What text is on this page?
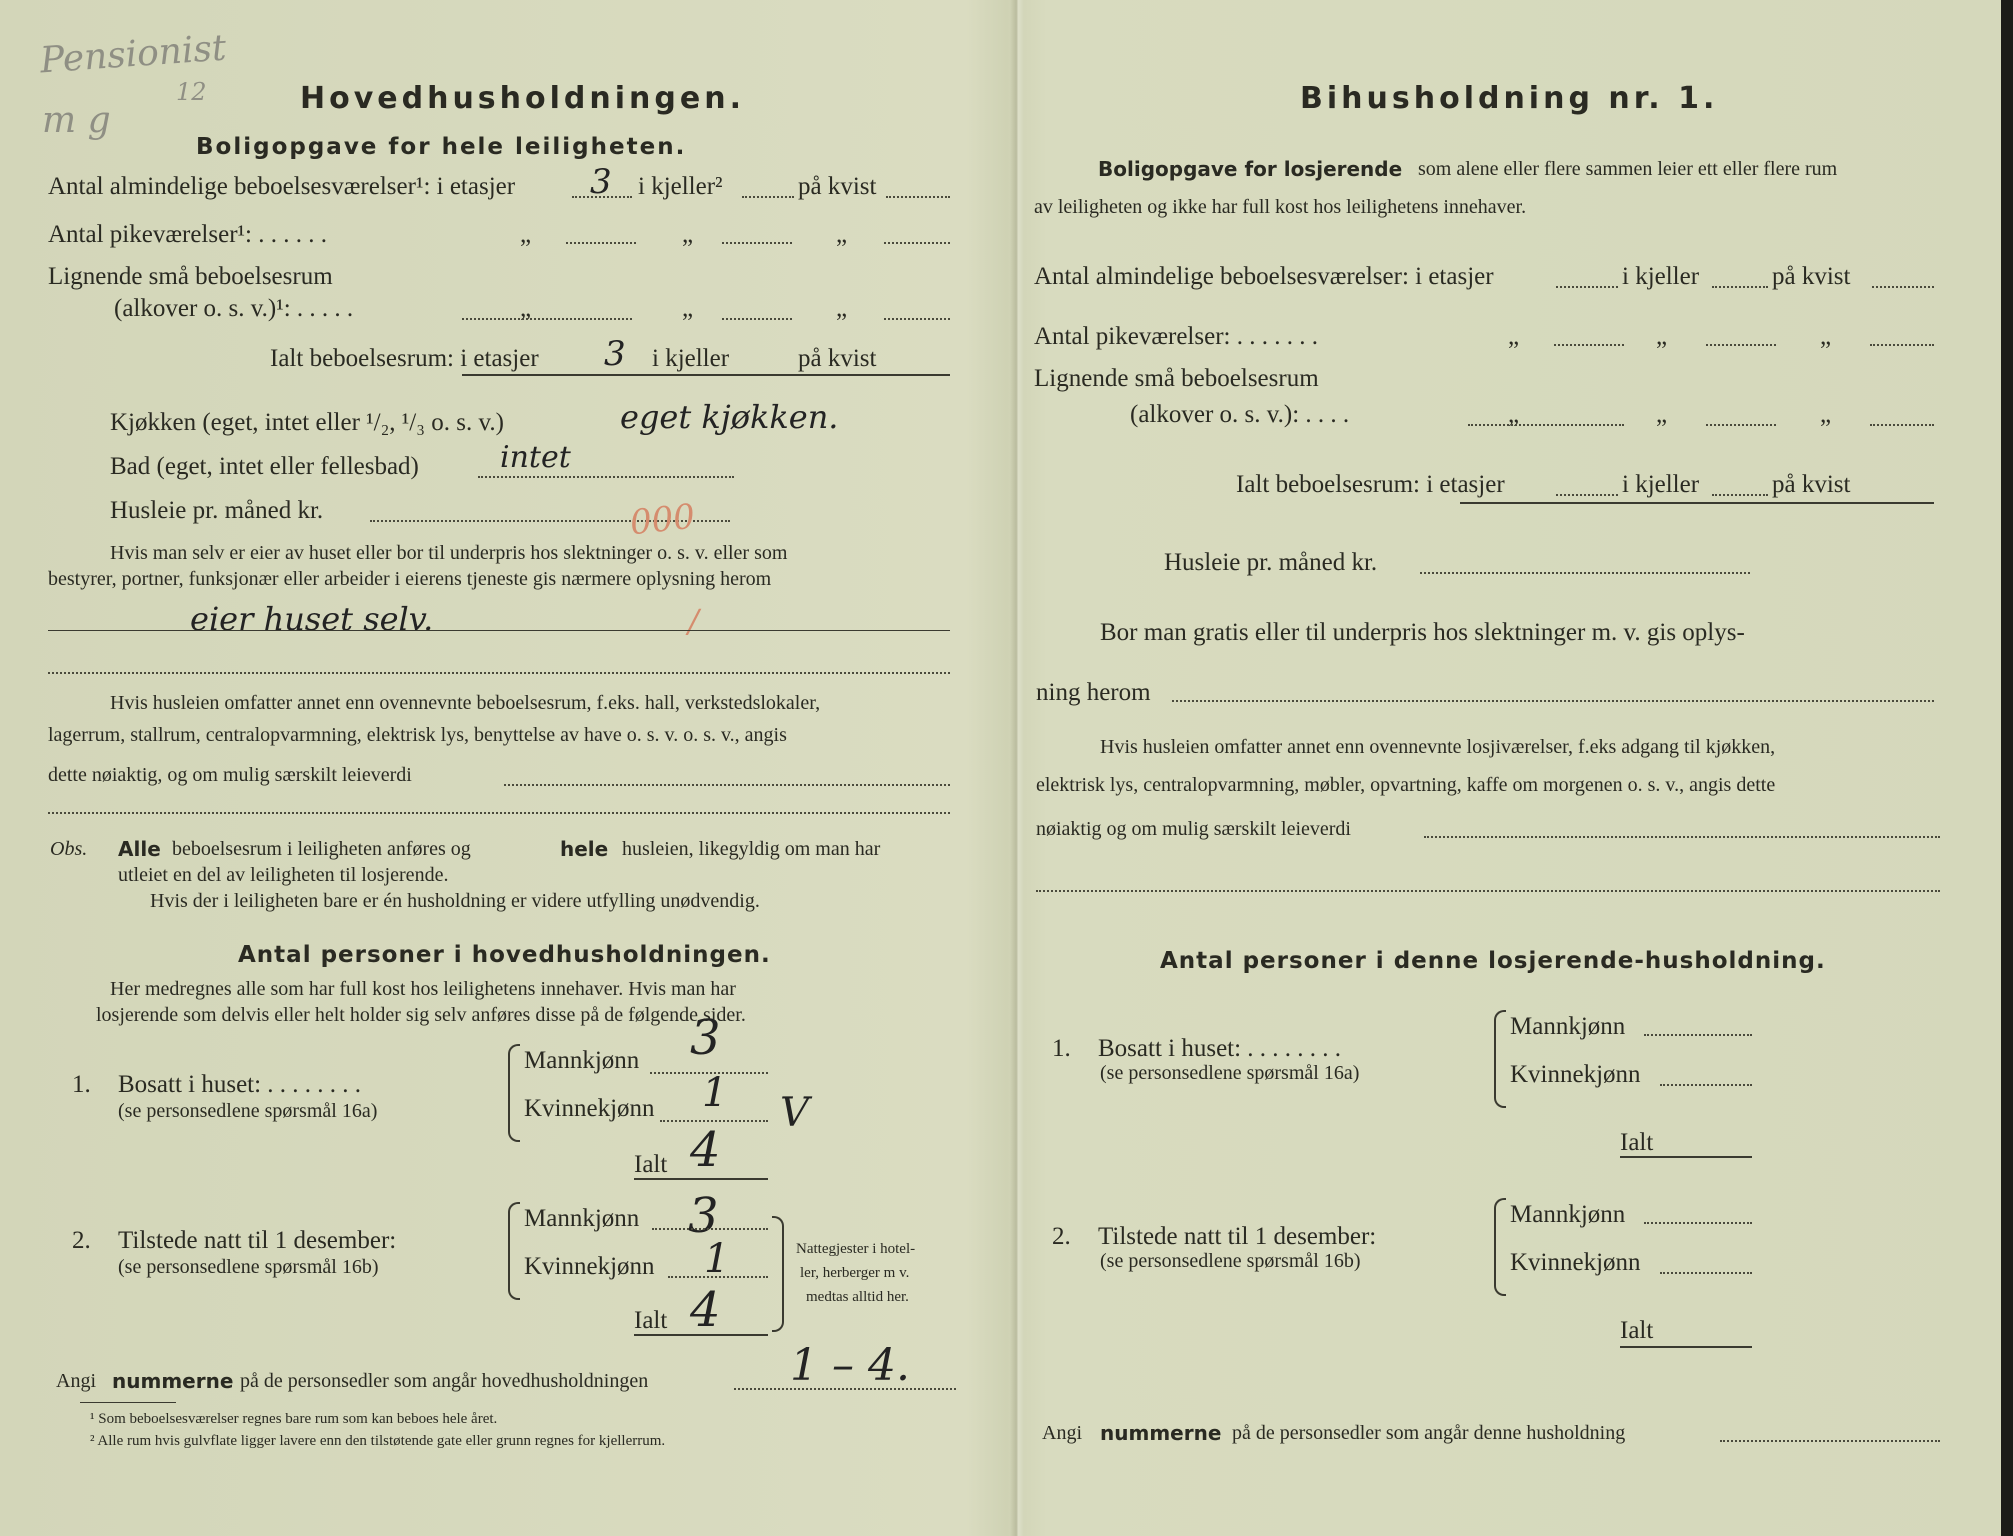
Pensionist
m g
12	Hovedhusholdningen.
Boligopgave for hele leiligheten.
Antal almindelige beboelsesværelser¹: i etasjer 3 i kjeller²	på kvist
Antal pikeværelser¹: . . . . . .	„	„	„
Lignende små beboelsesrum
(alkover o. s. v.)¹: . . . . .	„	„	„
Ialt beboelsesrum: i etasjer 3 i kjeller	på kvist
Kjøkken (eget, intet eller ¹/₂, ¹/₃ o. s. v.)	eget kjøkken.
Bad (eget, intet eller fellesbad)	intet
Husleie pr. måned kr.	000
Hvis man selv er eier av huset eller bor til underpris hos slektninger o. s. v. eller som
bestyrer, portner, funksjonær eller arbeider i eierens tjeneste gis nærmere oplysning herom
eier huset selv.	/
Hvis husleien omfatter annet enn ovennevnte beboelsesrum, f.eks. hall, verkstedslokaler,
lagerrum, stallrum, centralopvarmning, elektrisk lys, benyttelse av have o. s. v. o. s. v., angis
dette nøiaktig, og om mulig særskilt leieverdi
Obs. Alle beboelsesrum i leiligheten anføres og	hele husleien, likegyldig om man har
utleiet en del av leiligheten til losjerende.
Hvis der i leiligheten bare er én husholdning er videre utfylling unødvendig.
Antal personer i hovedhusholdningen.
Her medregnes alle som har full kost hos leilighetens innehaver. Hvis man har
losjerende som delvis eller helt holder sig selv anføres disse på de følgende sider.
1. Bosatt i huset: . . . . . . . .
(se personsedlene spørsmål 16a)
Mannkjønn 3
Kvinnekjønn 1 V
Ialt 4
2. Tilstede natt til 1 desember:
(se personsedlene spørsmål 16b)
Mannkjønn 3
Kvinnekjønn 1
Ialt 4
Nattegjester i hotel-
ler, herberger m v.
medtas alltid her.
Angi nummerne på de personsedler som angår hovedhusholdningen	1 – 4.
¹ Som beboelsesværelser regnes bare rum som kan beboes hele året.
² Alle rum hvis gulvflate ligger lavere enn den tilstøtende gate eller grunn regnes for kjellerrum.
Bihusholdning nr. 1.
Boligopgave for losjerende som alene eller flere sammen leier ett eller flere rum
av leiligheten og ikke har full kost hos leilighetens innehaver.
Antal almindelige beboelsesværelser: i etasjer	i kjeller	på kvist
Antal pikeværelser: . . . . . . .	„	„	„
Lignende små beboelsesrum
(alkover o. s. v.): . . . .	„	„	„
Ialt beboelsesrum: i etasjer	i kjeller	på kvist
Husleie pr. måned kr.
Bor man gratis eller til underpris hos slektninger m. v. gis oplys-
ning herom
Hvis husleien omfatter annet enn ovennevnte losjiværelser, f.eks adgang til kjøkken,
elektrisk lys, centralopvarmning, møbler, opvartning, kaffe om morgenen o. s. v., angis dette
nøiaktig og om mulig særskilt leieverdi
Antal personer i denne losjerende-husholdning.
1. Bosatt i huset: . . . . . . . .
(se personsedlene spørsmål 16a)
Mannkjønn
Kvinnekjønn
Ialt
2. Tilstede natt til 1 desember:
(se personsedlene spørsmål 16b)
Mannkjønn
Kvinnekjønn
Ialt
Angi nummerne på de personsedler som angår denne husholdning
